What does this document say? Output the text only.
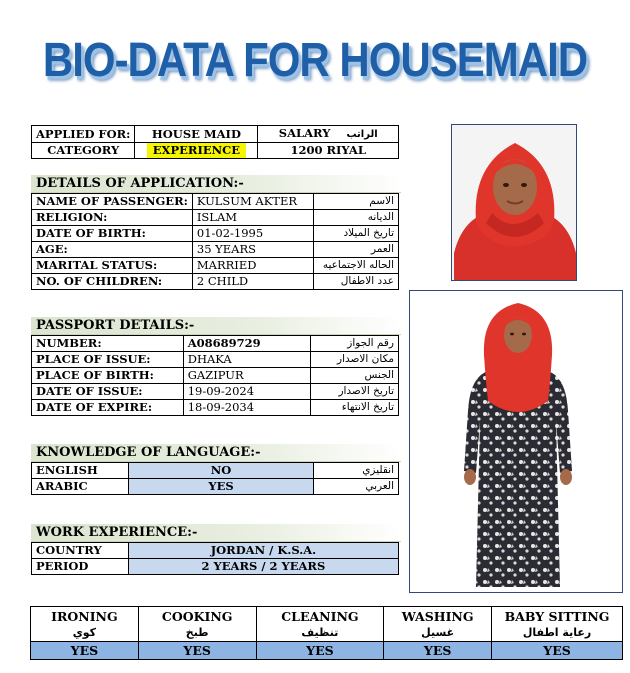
BIO-DATA FOR HOUSEMAID
APPLIED FOR:	HOUSE MAID	SALARY الراتب
CATEGORY	EXPERIENCE	1200 RIYAL
DETAILS OF APPLICATION:-
NAME OF PASSENGER:	KULSUM AKTER	الاسم
RELIGION:	ISLAM	الديانه
DATE OF BIRTH:	01-02-1995	تاريخ الميلاد
AGE:	35 YEARS	العمر
MARITAL STATUS:	MARRIED	الحاله الاجتماعيه
NO. OF CHILDREN:	2 CHILD	عدد الاطفال
PASSPORT DETAILS:-
NUMBER:	A08689729	رقم الجواز
PLACE OF ISSUE:	DHAKA	مكان الاصدار
PLACE OF BIRTH:	GAZIPUR	الجنس
DATE OF ISSUE:	19-09-2024	تاريخ الاصدار
DATE OF EXPIRE:	18-09-2034	تاريخ الانتهاء
KNOWLEDGE OF LANGUAGE:-
ENGLISH	NO	انقليزي
ARABIC	YES	العربي
WORK EXPERIENCE:-
COUNTRY	JORDAN / K.S.A.
PERIOD	2 YEARS / 2 YEARS
IRONING	COOKING	CLEANING	WASHING	BABY SITTING
كوي	طبخ	تنظيف	غسيل	رعاية اطفال
YES	YES	YES	YES	YES
